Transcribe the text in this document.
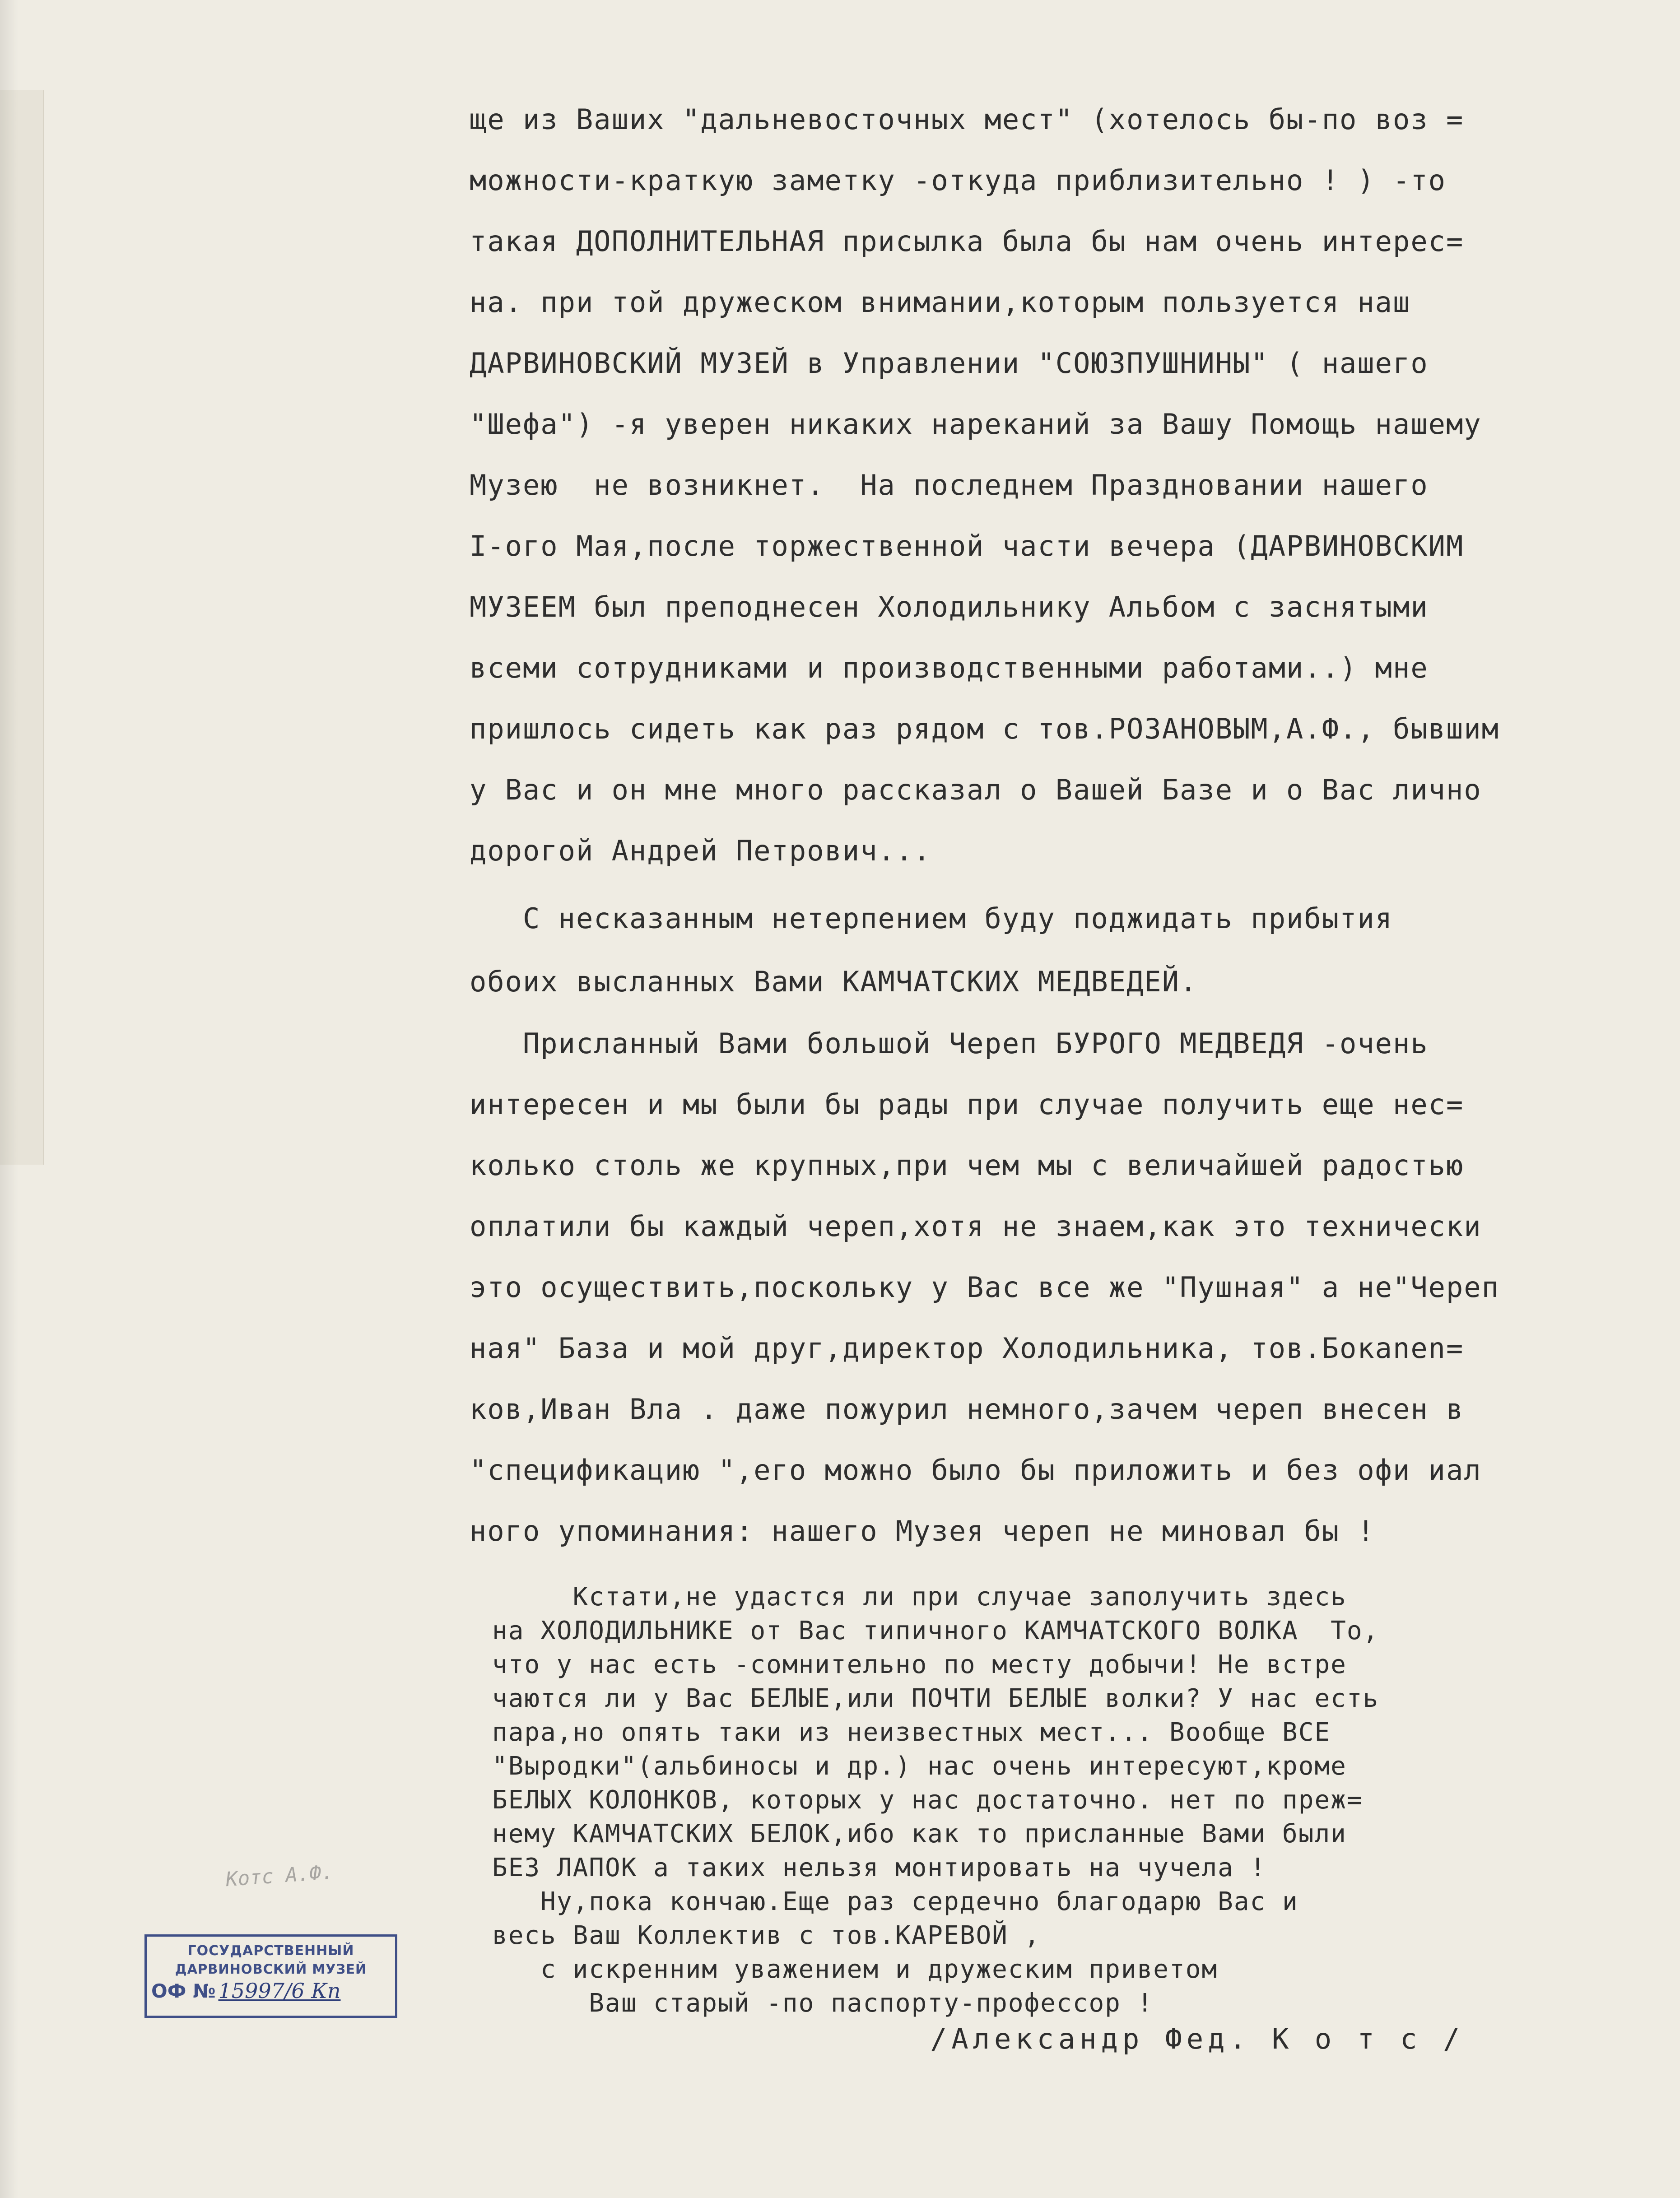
ще из Ваших "дальневосточных мест" (хотелось бы-по воз =
можности-краткую заметку -откуда приблизительно ! ) -то
такая ДОПОЛНИТЕЛЬНАЯ присылка была бы нам очень интерес=
на. при той дружеском внимании,которым пользуется наш
ДАРВИНОВСКИЙ МУЗЕЙ в Управлении "СОЮЗПУШНИНЫ" ( нашего
"Шефа") -я уверен никаких нареканий за Вашу Помощь нашему
Музею  не возникнет.  На последнем Праздновании нашего
I-ого Мая,после торжественной части вечера (ДАРВИНОВСКИМ
МУЗЕЕМ был преподнесен Холодильнику Альбом с заснятыми
всеми сотрудниками и производственными работами..) мне
пришлось сидеть как раз рядом с тов.РОЗАНОВЫМ,А.Ф., бывшим
у Вас и он мне много рассказал о Вашей Базе и о Вас лично
дорогой Андрей Петрович...
С несказанным нетерпением буду поджидать прибытия
обоих высланных Вами КАМЧАТСКИХ МЕДВЕДЕЙ.
Присланный Вами большой Череп БУРОГО МЕДВЕДЯ -очень
интересен и мы были бы рады при случае получить еще нес=
колько столь же крупных,при чем мы с величайшей радостью
оплатили бы каждый череп,хотя не знаем,как это технически
это осуществить,поскольку у Вас все же "Пушная" а не"Череп
ная" База и мой друг,директор Холодильника, тов.Бокanen=
ков,Иван Вла . даже пожурил немного,зачем череп внесен в
"спецификацию ",его можно было бы приложить и без офи иал
ного упоминания: нашего Музея череп не миновал бы !
Кстати,не удастся ли при случае заполучить здесь
на ХОЛОДИЛЬНИКЕ от Вас типичного КАМЧАТСКОГО ВОЛКА  То,
что у нас есть -сомнительно по месту добычи! Не встре
чаются ли у Вас БЕЛЫЕ,или ПОЧТИ БЕЛЫЕ волки? У нас есть
пара,но опять таки из неизвестных мест... Вообще ВСЕ
"Выродки"(альбиносы и др.) нас очень интересуют,кроме
БЕЛЫХ КОЛОНКОВ, которых у нас достаточно. нет по преж=
нему КАМЧАТСКИХ БЕЛОК,ибо как то присланные Вами были
БЕЗ ЛАПОК а таких нельзя монтировать на чучела !
Ну,пока кончаю.Еще раз сердечно благодарю Вас и
весь Ваш Коллектив с тов.КАРЕВОЙ ,
с искренним уважением и дружеским приветом
Ваш старый -по паспорту-профессор !
/Александр Фед. К о т с /
Котс А.Ф.
ГОСУДАРСТВЕННЫЙ
ДАРВИНОВСКИЙ МУЗЕЙ
ОФ № 15997/6 Кп
